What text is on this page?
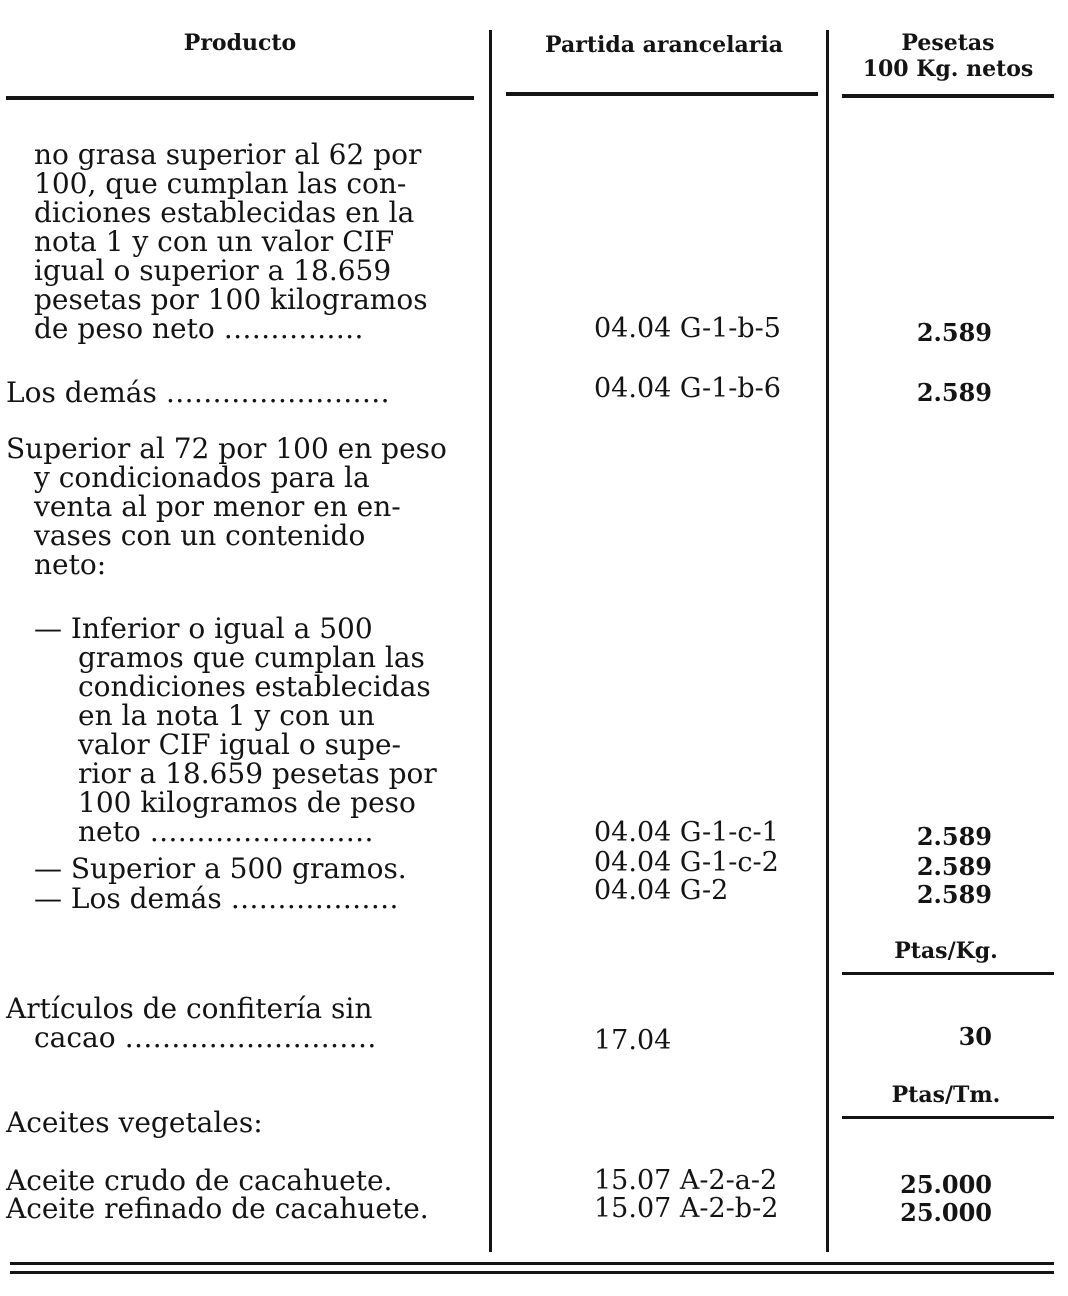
Producto	Partida arancelaria	Pesetas
100 Kg. netos
no grasa superior al 62 por
100, que cumplan las con-
diciones establecidas en la
nota 1 y con un valor CIF
igual o superior a 18.659
pesetas por 100 kilogramos
de peso neto ……………	04.04 G-1-b-5	2.589
Los demás ……………………	04.04 G-1-b-6	2.589
Superior al 72 por 100 en peso
y condicionados para la
venta al por menor en en-
vases con un contenido
neto:
— Inferior o igual a 500
gramos que cumplan las
condiciones establecidas
en la nota 1 y con un
valor CIF igual o supe-
rior a 18.659 pesetas por
100 kilogramos de peso
neto ……………………	04.04 G-1-c-1	2.589
— Superior a 500 gramos.	04.04 G-1-c-2	2.589
— Los demás ………………	04.04 G-2	2.589
Ptas/Kg.
Artículos de confitería sin
cacao ………………………	17.04	30
Ptas/Tm.
Aceites vegetales:
Aceite crudo de cacahuete.	15.07 A-2-a-2	25.000
Aceite refinado de cacahuete.	15.07 A-2-b-2	25.000
